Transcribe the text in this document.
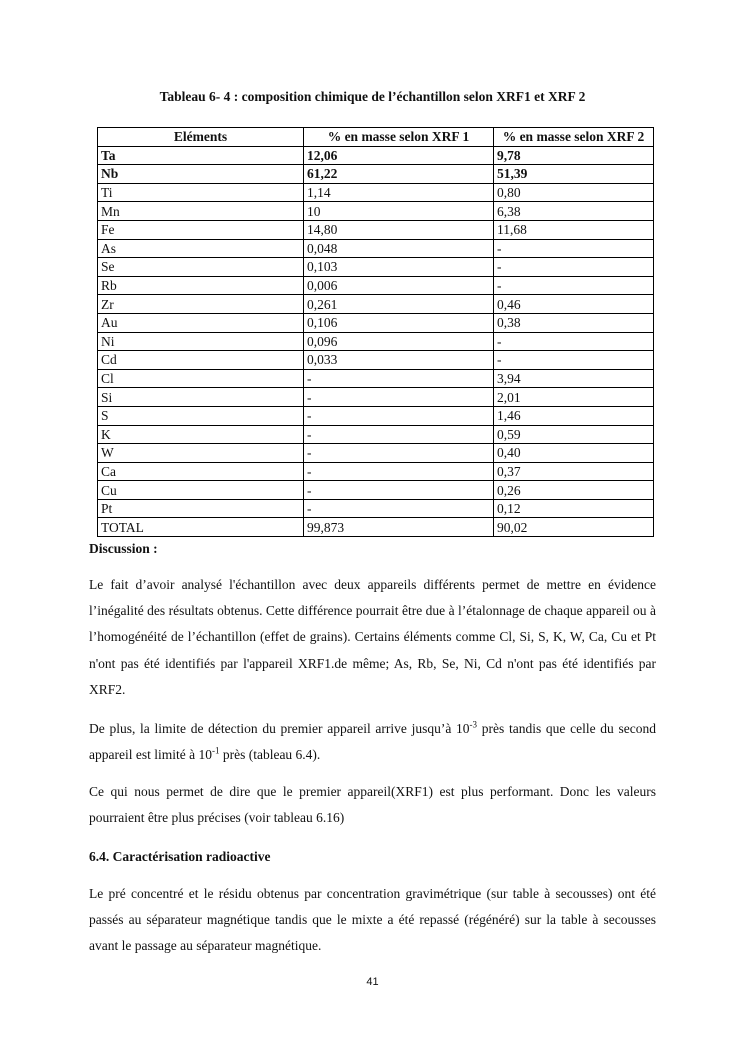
Tableau 6- 4 : composition chimique de l’échantillon selon XRF1 et XRF 2
Eléments	% en masse selon XRF 1	% en masse selon XRF 2
Ta	12,06	9,78
Nb	61,22	51,39
Ti	1,14	0,80
Mn	10	6,38
Fe	14,80	11,68
As	0,048	-
Se	0,103	-
Rb	0,006	-
Zr	0,261	0,46
Au	0,106	0,38
Ni	0,096	-
Cd	0,033	-
Cl	-	3,94
Si	-	2,01
S	-	1,46
K	-	0,59
W	-	0,40
Ca	-	0,37
Cu	-	0,26
Pt	-	0,12
TOTAL	99,873	90,02

Discussion :

Le fait d’avoir analysé l'échantillon avec deux appareils différents permet de mettre en évidence l’inégalité des résultats obtenus. Cette différence pourrait être due à l’étalonnage de chaque appareil ou à l’homogénéité de l’échantillon (effet de grains). Certains éléments comme Cl, Si, S, K, W, Ca, Cu et Pt n'ont pas été identifiés par l'appareil XRF1.de même; As, Rb, Se, Ni, Cd n'ont pas été identifiés par XRF2.

De plus, la limite de détection du premier appareil arrive jusqu’à $10^{-3}$ près tandis que celle du second appareil est limité à $10^{-1}$ près (tableau 6.4).

Ce qui nous permet de dire que le premier appareil(XRF1) est plus performant. Donc les valeurs pourraient être plus précises (voir tableau 6.16)

6.4. Caractérisation radioactive

Le pré concentré et le résidu obtenus par concentration gravimétrique (sur table à secousses) ont été passés au séparateur magnétique tandis que le mixte a été repassé (régénéré) sur la table à secousses avant le passage au séparateur magnétique.

41
